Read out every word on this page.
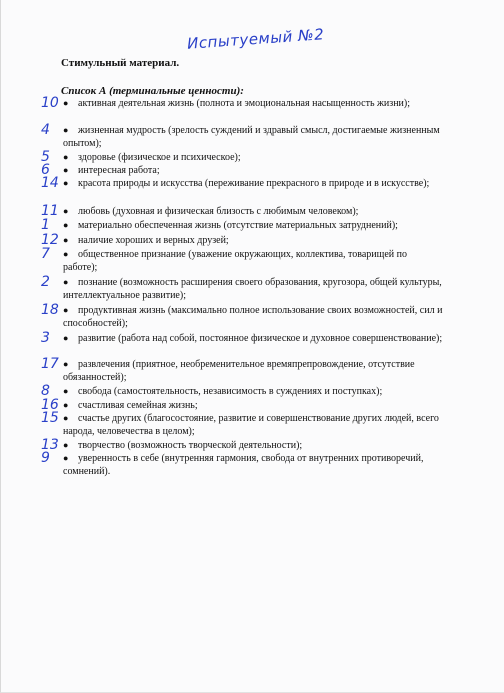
Испытуемый №2
Стимульный материал.
Список А (терминальные ценности):
10 ● активная деятельная жизнь (полнота и эмоциональная насыщенность жизни);
4	● жизненная мудрость (зрелость суждений и здравый смысл, достигаемые жизненным опытом);
5	● здоровье (физическое и психическое);
6	● интересная работа;
14 ● красота природы и искусства (переживание прекрасного в природе и в искусстве);
11 ● любовь (духовная и физическая близость с любимым человеком);
1	● материально обеспеченная жизнь (отсутствие материальных затруднений);
12 ● наличие хороших и верных друзей;
7	● общественное признание (уважение окружающих, коллектива, товарищей по работе);
2	● познание (возможность расширения своего образования, кругозора, общей культуры, интеллектуальное развитие);
18 ● продуктивная жизнь (максимально полное использование своих возможностей, сил и способностей);
3	● развитие (работа над собой, постоянное физическое и духовное совершенствование);
17 ● развлечения (приятное, необременительное времяпрепровождение, отсутствие обязанностей);
8	● свобода (самостоятельность, независимость в суждениях и поступках);
16 ● счастливая семейная жизнь;
15 ● счастье других (благосостояние, развитие и совершенствование других людей, всего народа, человечества в целом);
13 ● творчество (возможность творческой деятельности);
9	● уверенность в себе (внутренняя гармония, свобода от внутренних противоречий, сомнений).
